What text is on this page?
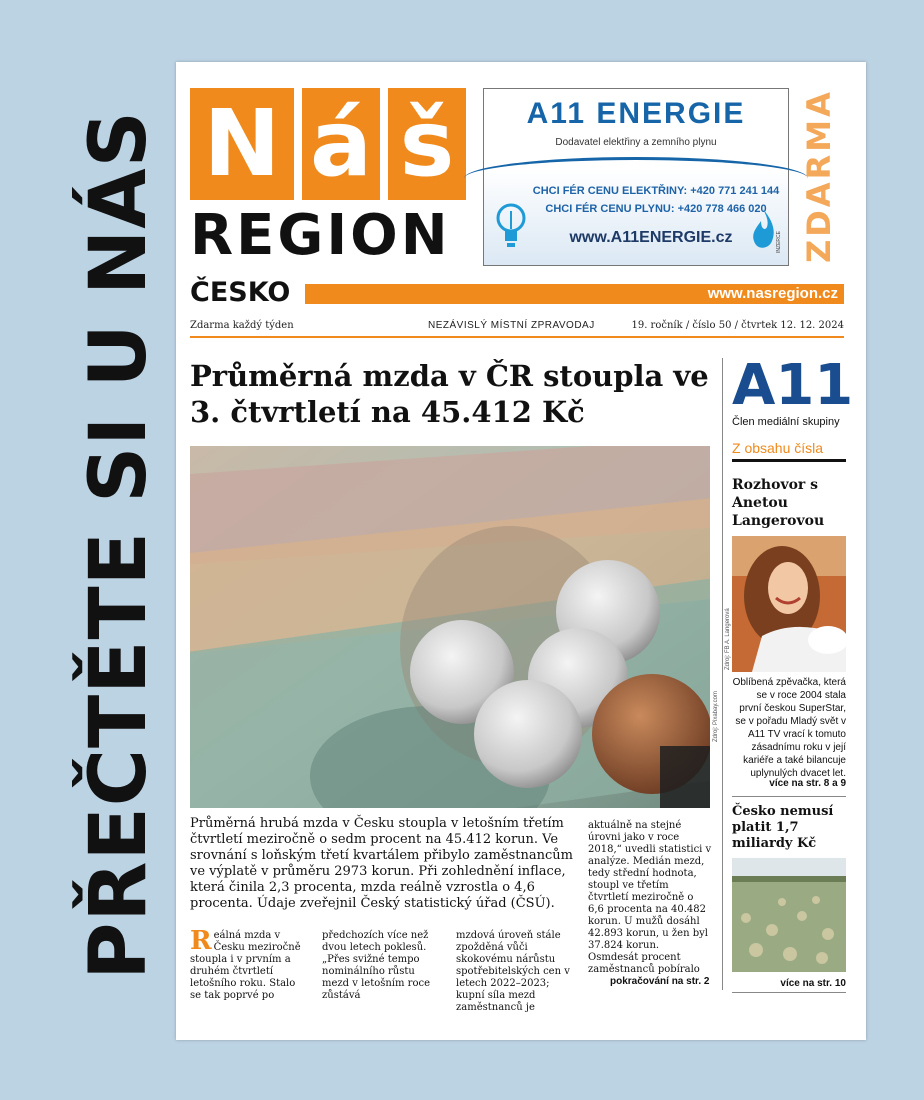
PŘEČTĚTE SI U NÁS N á š
REGION
A11 ENERGIE
Dodavatel elektřiny a zemního plynu
CHCI FÉR CENU ELEKTŘINY: +420 771 241 144
CHCI FÉR CENU PLYNU: +420 778 466 020
www.A11ENERGIE.cz	INZERCE ZDARMA
ČESKO	www.nasregion.cz
Zdarma každý týden	NEZÁVISLÝ MÍSTNÍ ZPRAVODAJ	19. ročník / číslo 50 / čtvrtek 12. 12. 2024
Průměrná mzda v ČR stoupla ve 3. čtvrtletí na 45.412 Kč
Zdroj: Pixabay.com

Průměrná hrubá mzda v Česku stoupla v letošním třetím čtvrtletí meziročně o sedm procent na 45.412 korun. Ve srovnání s loňským třetí kvartálem přibylo zaměstnancům ve výplatě v průměru 2973 korun. Při zohlednění inflace, která činila 2,3 procenta, mzda reálně vzrostla o 4,6 procenta. Údaje zveřejnil Český statistický úřad (ČSÚ).

Reálná mzda v Česku meziročně stoupla i v prvním a druhém čtvrtletí letošního roku. Stalo se tak poprvé po
předchozích více než dvou letech poklesů. „Přes svižné tempo nominálního růstu mezd v letošním roce zůstává
mzdová úroveň stále zpožděná vůči skokovému nárůstu spotřebitelských cen v letech 2022–2023; kupní síla mezd zaměstnanců je
aktuálně na stejné úrovni jako v roce 2018,“ uvedli statistici v analýze. Medián mezd, tedy střední hodnota, stoupl ve třetím čtvrtletí meziročně o 6,6 procenta na 40.482 korun. U mužů dosáhl 42.893 korun, u žen byl 37.824 korun. Osmdesát procent zaměstnanců pobíralo
pokračování na str. 2
A11
Člen mediální skupiny
Z obsahu čísla
Rozhovor s Anetou Langerovou
Zdroj: FB A. Langerová
Oblíbená zpěvačka, která se v roce 2004 stala první českou SuperStar, se v pořadu Mladý svět v A11 TV vrací k tomuto zásadnímu roku v její kariéře a také bilancuje uplynulých dvacet let.
více na str. 8 a 9
Česko nemusí platit 1,7 miliardy Kč
více na str. 10
